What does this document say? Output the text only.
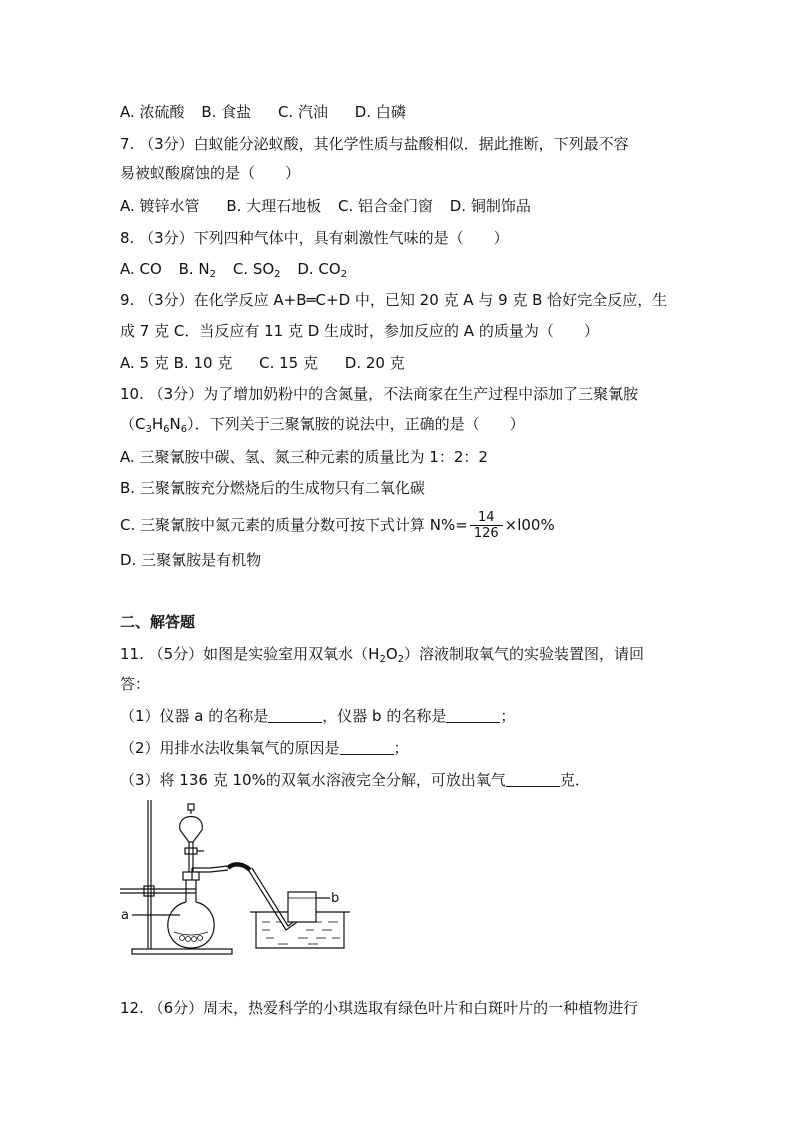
A. 浓硫酸 B. 食盐 C. 汽油 D. 白磷
7. （3分）白蚁能分泌蚁酸，其化学性质与盐酸相似．据此推断，下列最不容
易被蚁酸腐蚀的是（　　）
A. 镀锌水管 B. 大理石地板 C. 铝合金门窗 D. 铜制饰品
8. （3分）下列四种气体中，具有刺激性气味的是（　　）
A. CO B. $N_2$ C. $SO_2$ D. $CO_2$
9. （3分）在化学反应 A+B═C+D 中，已知 20 克 A 与 9 克 B 恰好完全反应，生
成 7 克 C．当反应有 11 克 D 生成时，参加反应的 A 的质量为（　　）
A. 5 克 B. 10 克 C. 15 克 D. 20 克
10. （3分）为了增加奶粉中的含氮量，不法商家在生产过程中添加了三聚氰胺
$(C_3H_6N_6)$．下列关于三聚氰胺的说法中，正确的是（　　）
A. 三聚氰胺中碳、氢、氮三种元素的质量比为 1：2：2
B. 三聚氰胺充分燃烧后的生成物只有二氧化碳
C. 三聚氰胺中氮元素的质量分数可按下式计算 $N\%= \frac{14}{126} \times l00\%$
D. 三聚氰胺是有机物
二、解答题
11. （5分）如图是实验室用双氧水$(H_2O_2)$溶液制取氧气的实验装置图，请回
答：
（1）仪器 a 的名称是	，仪器 b 的名称是	；
（2）用排水法收集氧气的原因是	；
（3）将 136 克 10%的双氧水溶液完全分解，可放出氧气	克．
a
b
12. （6分）周末，热爱科学的小琪选取有绿色叶片和白斑叶片的一种植物进行
